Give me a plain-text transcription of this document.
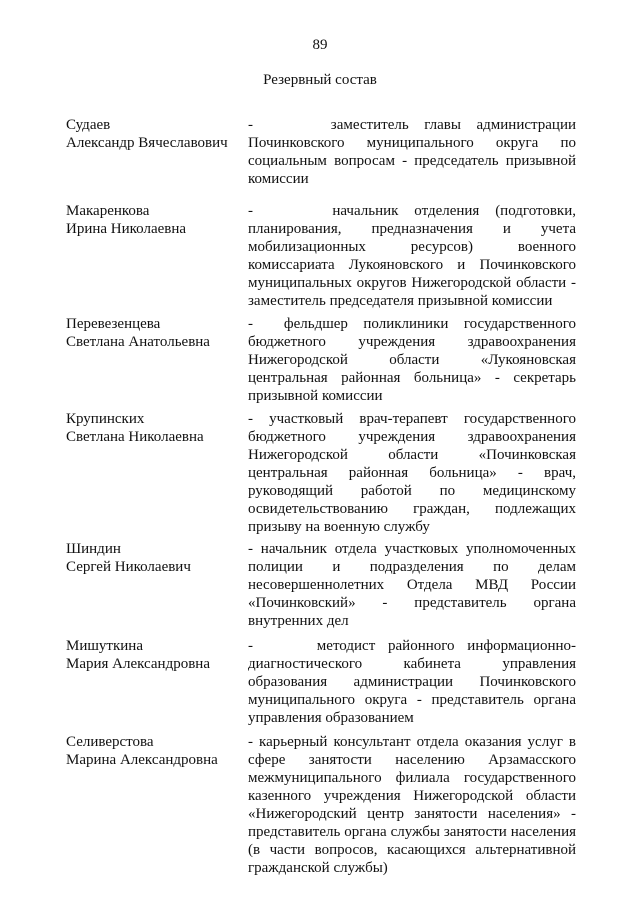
89
Резервный состав
Судаев
Александр Вячеславович
-     заместитель главы администрации Починковского муниципального округа по социальным вопросам - председатель призывной комиссии
Макаренкова
Ирина Николаевна
-     начальник отделения (подготовки, планирования, предназначения и учета мобилизационных ресурсов) военного комиссариата Лукояновского и Починковского муниципальных округов Нижегородской области - заместитель председателя призывной комиссии
Перевезенцева
Светлана Анатольевна
-  фельдшер поликлиники государственного бюджетного учреждения здравоохранения Нижегородской области «Лукояновская центральная районная больница» - секретарь призывной комиссии
Крупинских
Светлана Николаевна
- участковый врач-терапевт государственного бюджетного учреждения здравоохранения Нижегородской области «Починковская центральная районная больница» - врач, руководящий работой по медицинскому освидетельствованию граждан, подлежащих призыву на военную службу
Шиндин
Сергей Николаевич
- начальник отдела участковых уполномоченных полиции и подразделения по делам несовершеннолетних Отдела МВД России «Починковский» - представитель органа внутренних дел
Мишуткина
Мария Александровна
-     методист районного информационно-диагностического кабинета управления образования администрации Починковского муниципального округа - представитель органа управления образованием
Селиверстова
Марина Александровна
- карьерный консультант отдела оказания услуг в сфере занятости населению Арзамасского межмуниципального филиала государственного казенного учреждения Нижегородской области «Нижегородский центр занятости населения» - представитель органа службы занятости населения (в части вопросов, касающихся альтернативной гражданской службы)
